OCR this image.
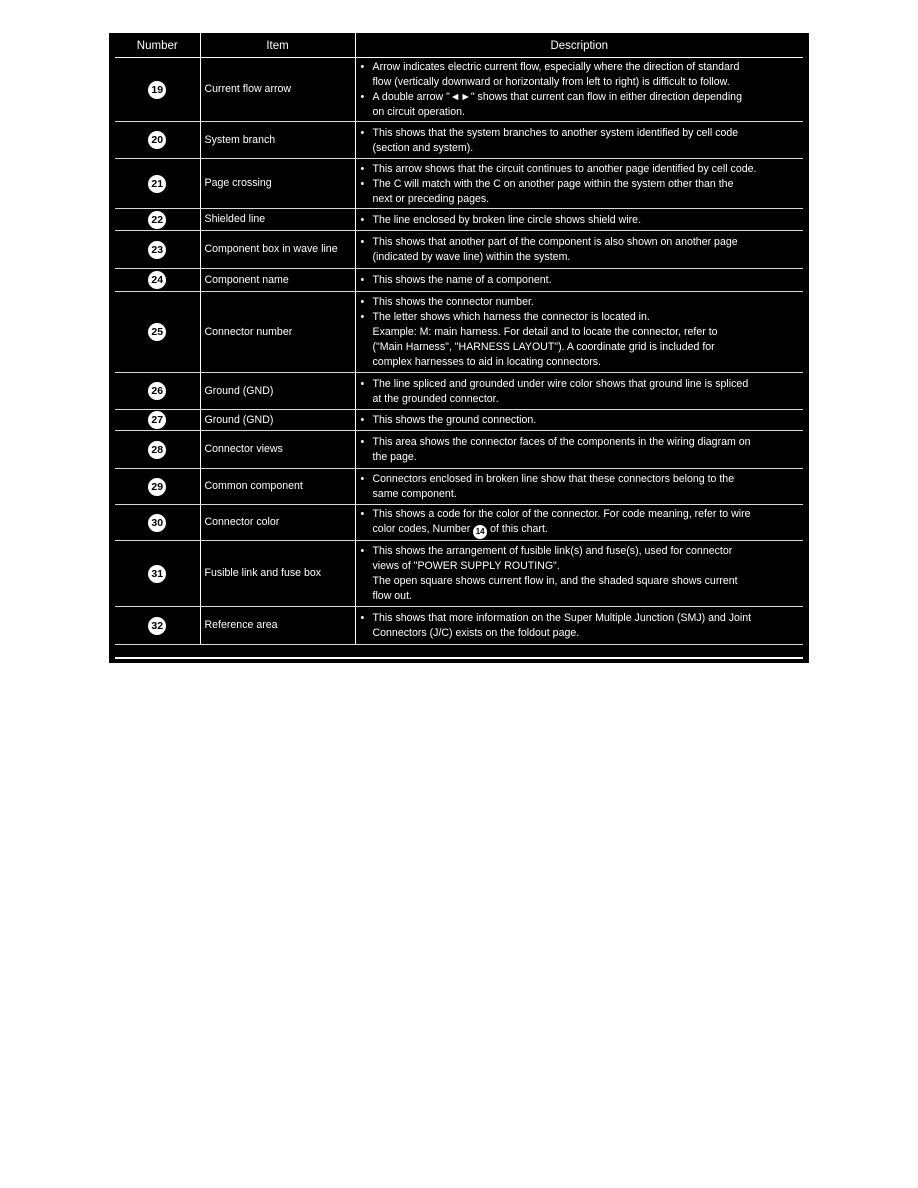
Number	Item	Description
19	Current flow arrow	• Arrow indicates electric current flow, especially where the direction of standard
flow (vertically downward or horizontally from left to right) is difficult to follow.
• A double arrow "◄►" shows that current can flow in either direction depending
on circuit operation.

20	System branch	• This shows that the system branches to another system identified by cell code
(section and system).

21	Page crossing	• This arrow shows that the circuit continues to another page identified by cell code.
• The C will match with the C on another page within the system other than the
next or preceding pages.

22	Shielded line	• The line enclosed by broken line circle shows shield wire.

23	Component box in wave line	• This shows that another part of the component is also shown on another page
(indicated by wave line) within the system.

24	Component name	• This shows the name of a component.

25	Connector number	• This shows the connector number.
• The letter shows which harness the connector is located in.
Example: M: main harness. For detail and to locate the connector, refer to
("Main Harness", "HARNESS LAYOUT"). A coordinate grid is included for
complex harnesses to aid in locating connectors.

26	Ground (GND)	• The line spliced and grounded under wire color shows that ground line is spliced
at the grounded connector.

27	Ground (GND)	• This shows the ground connection.

28	Connector views	• This area shows the connector faces of the components in the wiring diagram on
the page.

29	Common component	• Connectors enclosed in broken line show that these connectors belong to the
same component.

30	Connector color	• This shows a code for the color of the connector. For code meaning, refer to wire
color codes, Number 14 of this chart.

31	Fusible link and fuse box	• This shows the arrangement of fusible link(s) and fuse(s), used for connector
views of "POWER SUPPLY ROUTING".
The open square shows current flow in, and the shaded square shows current
flow out.

32	Reference area	• This shows that more information on the Super Multiple Junction (SMJ) and Joint
Connectors (J/C) exists on the foldout page.
